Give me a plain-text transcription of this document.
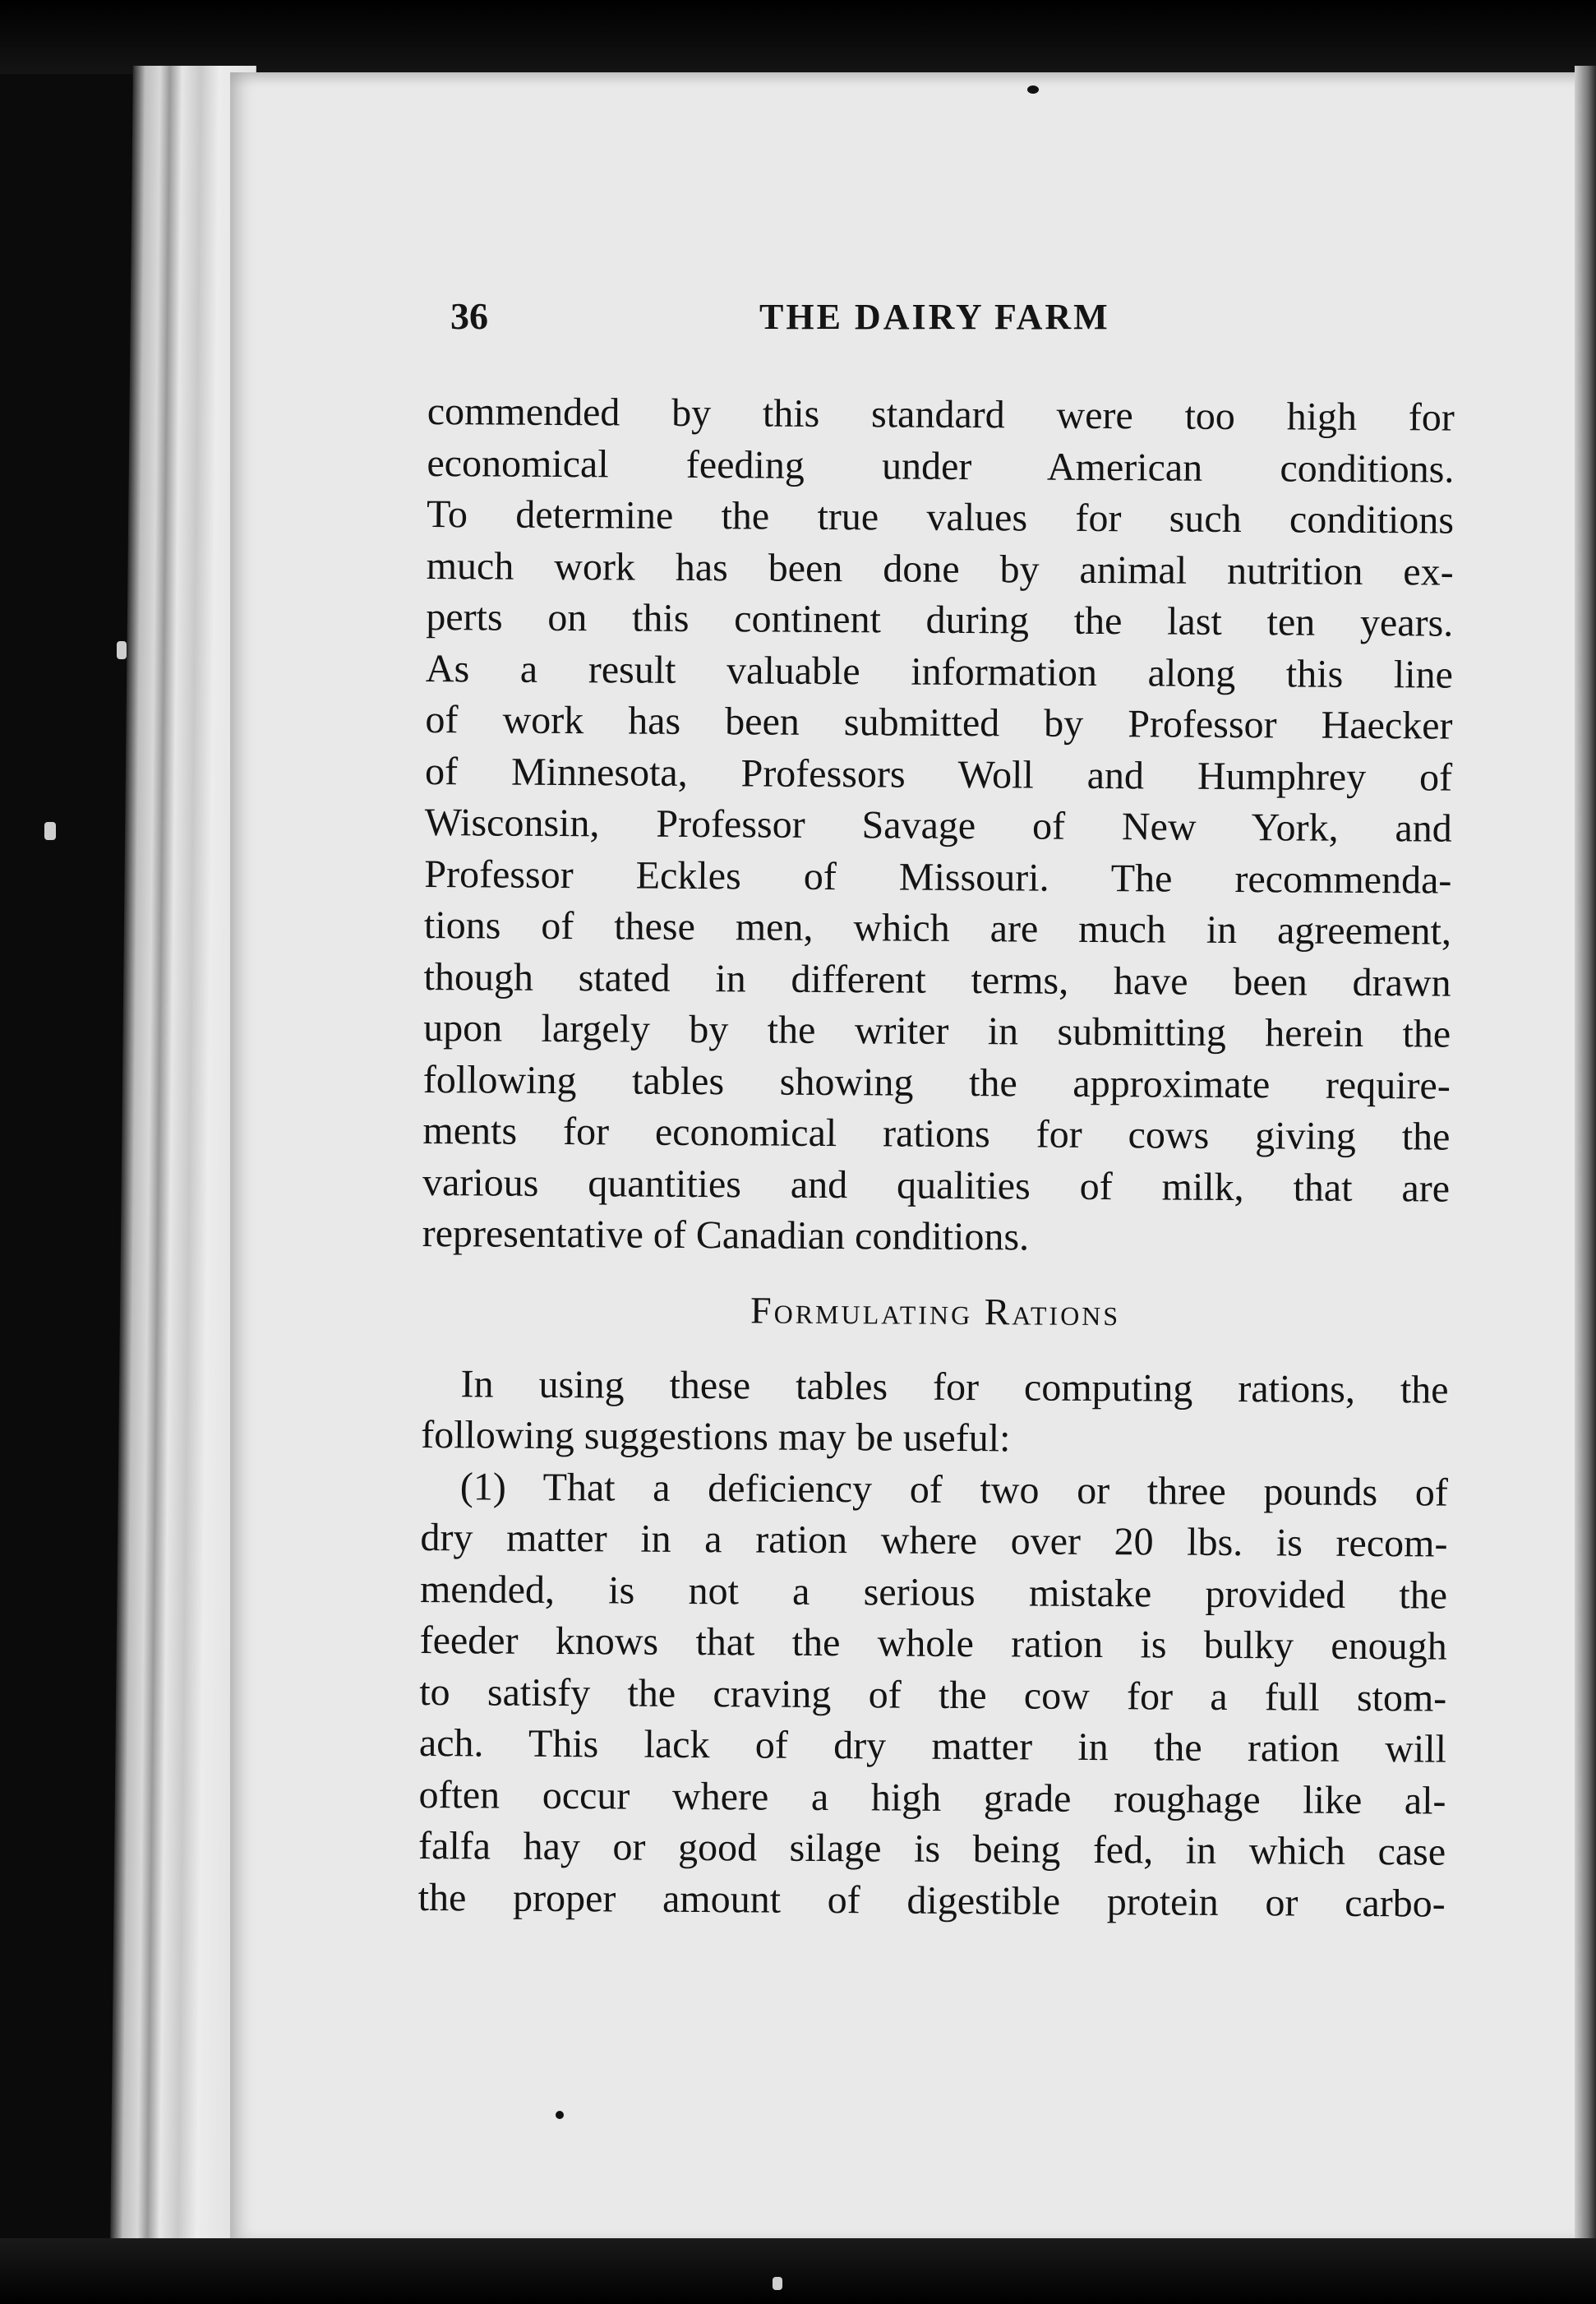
36	THE DAIRY FARM
commended by this standard were too high for
economical feeding under American conditions.
To determine the true values for such conditions
much work has been done by animal nutrition ex-
perts on this continent during the last ten years.
As a result valuable information along this line
of work has been submitted by Professor Haecker
of Minnesota, Professors Woll and Humphrey of
Wisconsin, Professor Savage of New York, and
Professor Eckles of Missouri. The recommenda-
tions of these men, which are much in agreement,
though stated in different terms, have been drawn
upon largely by the writer in submitting herein the
following tables showing the approximate require-
ments for economical rations for cows giving the
various quantities and qualities of milk, that are
representative of Canadian conditions.
Formulating Rations
In using these tables for computing rations, the
following suggestions may be useful:
(1) That a deficiency of two or three pounds of
dry matter in a ration where over 20 lbs. is recom-
mended, is not a serious mistake provided the
feeder knows that the whole ration is bulky enough
to satisfy the craving of the cow for a full stom-
ach. This lack of dry matter in the ration will
often occur where a high grade roughage like al-
falfa hay or good silage is being fed, in which case
the proper amount of digestible protein or carbo-
